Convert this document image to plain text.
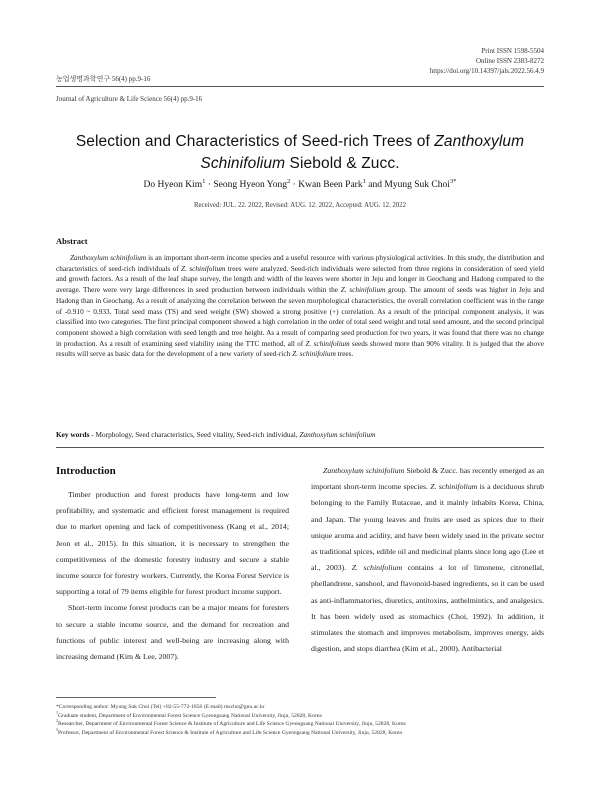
Print ISSN 1598-5504
Online ISSN 2383-8272
https://doi.org/10.14397/jals.2022.56.4.9
농업생명과학연구 56(4) pp.9-16
Journal of Agriculture & Life Science 56(4) pp.9-16
Selection and Characteristics of Seed-rich Trees of Zanthoxylum
Schinifolium Siebold & Zucc.
Do Hyeon Kim$^1$ · Seong Hyeon Yong$^2$ · Kwan Been Park$^1$ and Myung Suk Choi$^{3*}$
Received: JUL. 22. 2022, Revised: AUG. 12. 2022, Accepted: AUG. 12. 2022
Abstract
Zanthoxylum schinifolium is an important short-term income species and a useful resource with various physiological activities. In this study, the distribution and characteristics of seed-rich individuals of Z. schinifolium trees were analyzed. Seed-rich individuals were selected from three regions in consideration of seed yield and growth factors. As a result of the leaf shape survey, the length and width of the leaves were shorter in Jeju and longer in Geochang and Hadong compared to the average. There were very large differences in seed production between individuals within the Z. schinifolium group. The amount of seeds was higher in Jeju and Hadong than in Geochang. As a result of analyzing the correlation between the seven morphological characteristics, the overall correlation coefficient was in the range of -0.910 ~ 0.933. Total seed mass (TS) and seed weight (SW) showed a strong positive (+) correlation. As a result of the principal component analysis, it was classified into two categories. The first principal component showed a high correlation in the order of total seed weight and total seed amount, and the second principal component showed a high correlation with seed length and tree height. As a result of comparing seed production for two years, it was found that there was no change in production. As a result of examining seed viability using the TTC method, all of Z. schinifolium seeds showed more than 90% vitality. It is judged that the above results will serve as basic data for the development of a new variety of seed-rich Z. schinifolium trees.
Key words - Morphology, Seed characteristics, Seed vitality, Seed-rich individual, Zanthoxylum schinifolium
Introduction

Timber production and forest products have long-term and low profitability, and systematic and efficient forest management is required due to market opening and lack of competitiveness (Kang et al., 2014; Jeon et al., 2015). In this situation, it is necessary to strengthen the competitiveness of the domestic forestry industry and secure a stable income source for forestry workers. Currently, the Korea Forest Service is supporting a total of 79 items eligible for forest product income support.

Short-term income forest products can be a major means for foresters to secure a stable income source, and the demand for recreation and functions of public interest and well-being are increasing along with increasing demand (Kim & Lee, 2007).

Zanthoxylum schinifolium Siebold & Zucc. has recently emerged as an important short-term income species. Z. schinifolium is a deciduous shrub belonging to the Family Rutaceae, and it mainly inhabits Korea, China, and Japan. The young leaves and fruits are used as spices due to their unique aroma and acidity, and have been widely used in the private sector as traditional spices, edible oil and medicinal plants since long ago (Lee et al., 2003). Z. schinifolium contains a lot of limonene, citronellal, phellandrene, sanshool, and flavonoid-based ingredients, so it can be used as anti-inflammatories, diuretics, antitoxins, anthelmintics, and analgesics. It has been widely used as stomachics (Choi, 1992). In addition, it stimulates the stomach and improves metabolism, improves energy, aids digestion, and stops diarrhea (Kim et al., 2000). Antibacterial

*Corresponding author: Myung Suk Choi (Tel) +82-55-772-1856 (E-mail) mscho@gnu.ac.kr
$^1$Graduate student, Department of Environmental Forest Science Gyeongsang National University, Jinju, 52828, Korea
$^2$Researcher, Department of Environmental Forest Science & Institute of Agriculture and Life Science Gyeongsang National University, Jinju, 52828, Korea
$^3$Professor, Department of Environmental Forest Science & Institute of Agriculture and Life Science Gyeongsang National University, Jinju, 52828, Korea
